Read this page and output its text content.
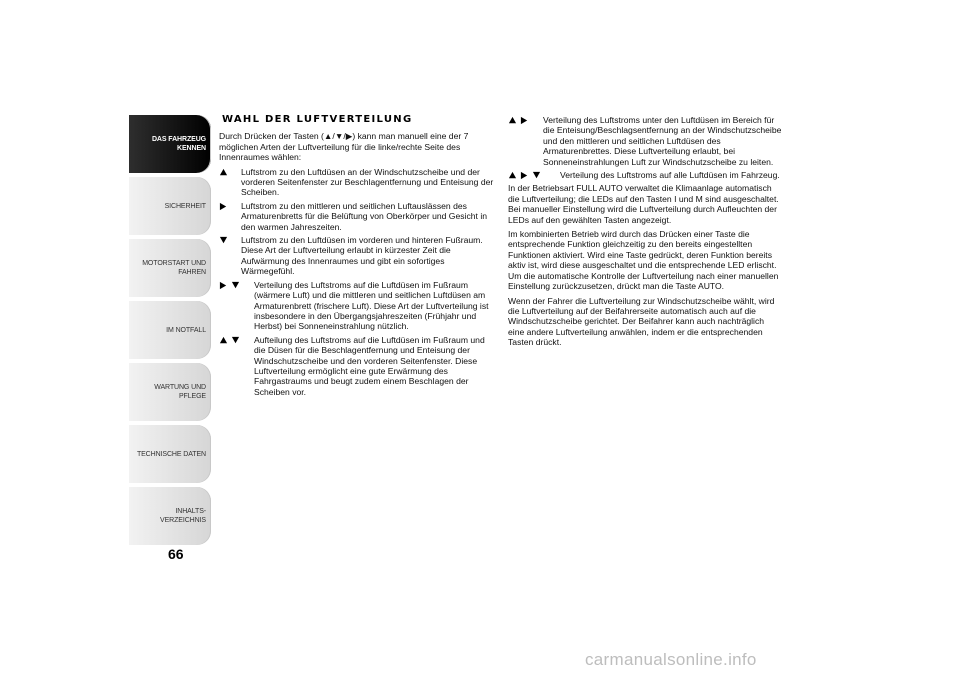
DAS FAHRZEUG
KENNEN
SICHERHEIT
MOTORSTART UND
FAHREN
IM NOTFALL
WARTUNG UND
PFLEGE
TECHNISCHE DATEN
INHALTS-
VERZEICHNIS
66
WAHL DER LUFTVERTEILUNG

Durch Drücken der Tasten (▲/▼/▶) kann man manuell eine der 7 möglichen Arten der Luftverteilung für die linke/rechte Seite des Innenraumes wählen:

Luftstrom zu den Luftdüsen an der Windschutzscheibe und der vorderen Seitenfenster zur Beschlagentfernung und Enteisung der Scheiben.
Luftstrom zu den mittleren und seitlichen Luftauslässen des Armaturenbretts für die Belüftung von Oberkörper und Gesicht in den warmen Jahreszeiten.
Luftstrom zu den Luftdüsen im vorderen und hinteren Fußraum. Diese Art der Luftverteilung erlaubt in kürzester Zeit die Aufwärmung des Innenraumes und gibt ein sofortiges Wärmegefühl.
Verteilung des Luftstroms auf die Luftdüsen im Fußraum (wärmere Luft) und die mittleren und seitlichen Luftdüsen am Armaturenbrett (frischere Luft). Diese Art der Luftverteilung ist insbesondere in den Übergangsjahreszeiten (Frühjahr und Herbst) bei Sonneneinstrahlung nützlich.
Aufteilung des Luftstroms auf die Luftdüsen im Fußraum und die Düsen für die Beschlagentfernung und Enteisung der Windschutzscheibe und den vorderen Seitenfenster. Diese Luftverteilung ermöglicht eine gute Erwärmung des Fahrgastraums und beugt zudem einem Beschlagen der Scheiben vor.
Verteilung des Luftstroms unter den Luftdüsen im Bereich für die Enteisung/Beschlagsentfernung an der Windschutzscheibe und den mittleren und seitlichen Luftdüsen des Armaturenbrettes. Diese Luftverteilung erlaubt, bei Sonneneinstrahlungen Luft zur Windschutzscheibe zu leiten.
Verteilung des Luftstroms auf alle Luftdüsen im Fahrzeug.

In der Betriebsart FULL AUTO verwaltet die Klimaanlage automatisch die Luftverteilung; die LEDs auf den Tasten I und M sind ausgeschaltet. Bei manueller Einstellung wird die Luftverteilung durch Aufleuchten der LEDs auf den gewählten Tasten angezeigt.

Im kombinierten Betrieb wird durch das Drücken einer Taste die entsprechende Funktion gleichzeitig zu den bereits eingestellten Funktionen aktiviert. Wird eine Taste gedrückt, deren Funktion bereits aktiv ist, wird diese ausgeschaltet und die entsprechende LED erlischt. Um die automatische Kontrolle der Luftverteilung nach einer manuellen Einstellung zurückzusetzen, drückt man die Taste AUTO.

Wenn der Fahrer die Luftverteilung zur Windschutzscheibe wählt, wird die Luftverteilung auf der Beifahrerseite automatisch auch auf die Windschutzscheibe gerichtet. Der Beifahrer kann auch nachträglich eine andere Luftverteilung anwählen, indem er die entsprechenden Tasten drückt.

carmanualsonline.info
